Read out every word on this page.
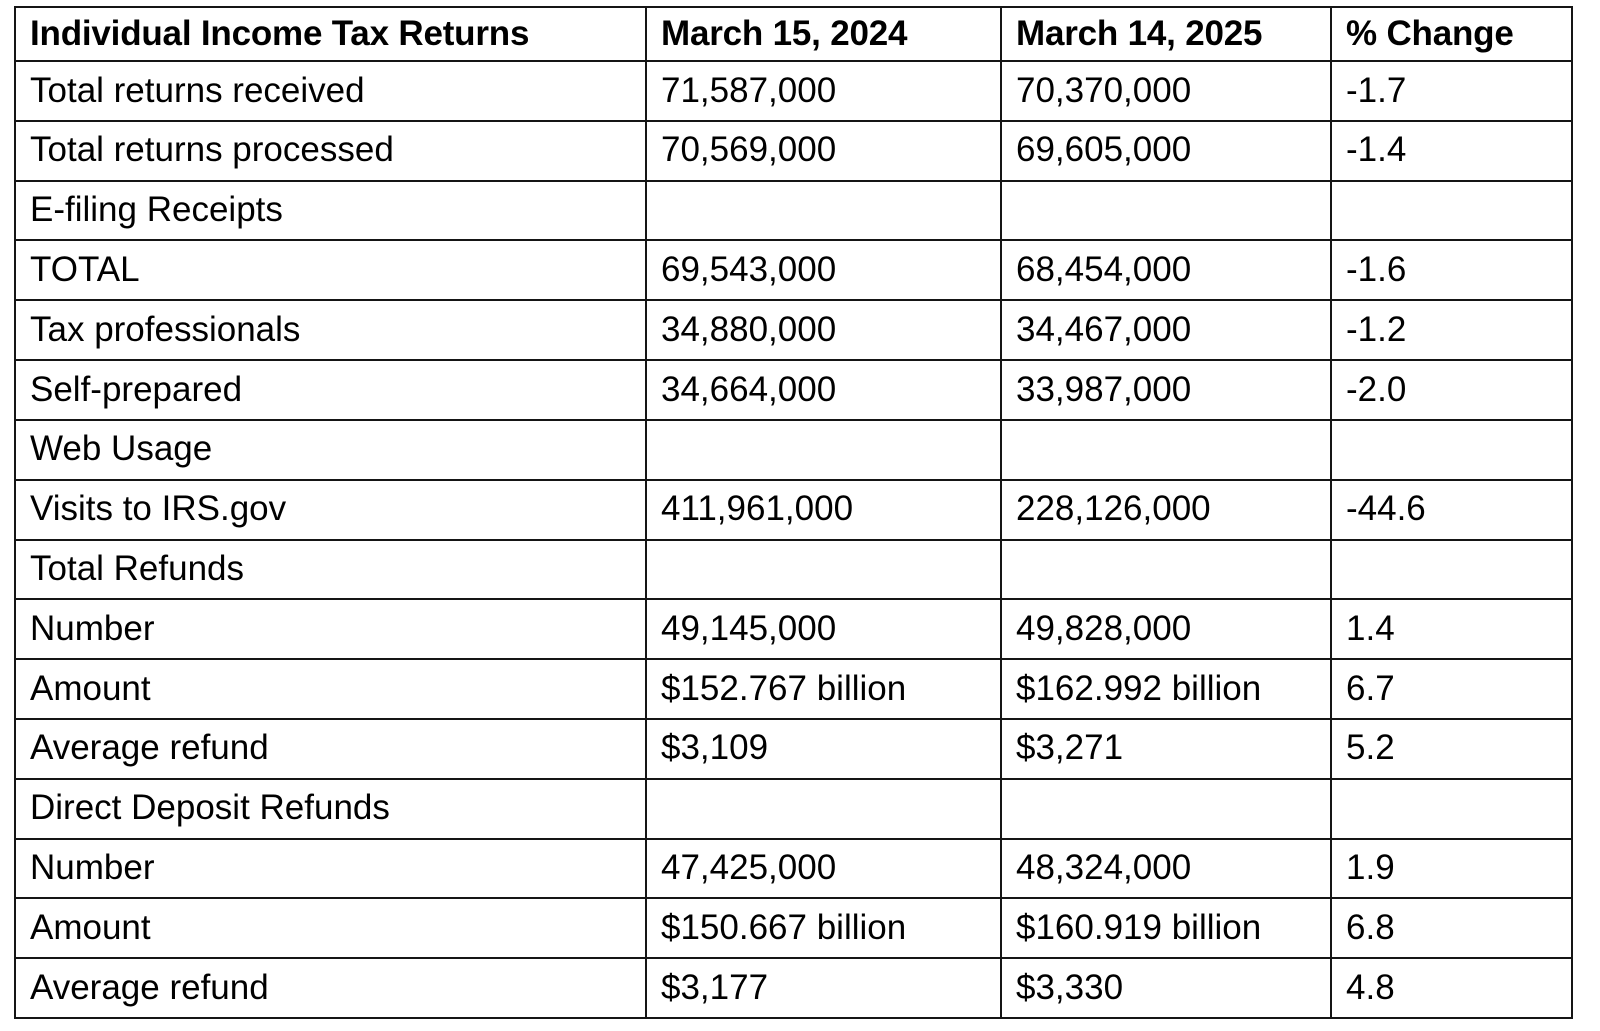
Individual Income Tax Returns	March 15, 2024	March 14, 2025	% Change
Total returns received	71,587,000	70,370,000	-1.7
Total returns processed	70,569,000	69,605,000	-1.4
E-filing Receipts			
TOTAL	69,543,000	68,454,000	-1.6
Tax professionals	34,880,000	34,467,000	-1.2
Self-prepared	34,664,000	33,987,000	-2.0
Web Usage			
Visits to IRS.gov	411,961,000	228,126,000	-44.6
Total Refunds			
Number	49,145,000	49,828,000	1.4
Amount	$152.767 billion	$162.992 billion	6.7
Average refund	$3,109	$3,271	5.2
Direct Deposit Refunds			
Number	47,425,000	48,324,000	1.9
Amount	$150.667 billion	$160.919 billion	6.8
Average refund	$3,177	$3,330	4.8
